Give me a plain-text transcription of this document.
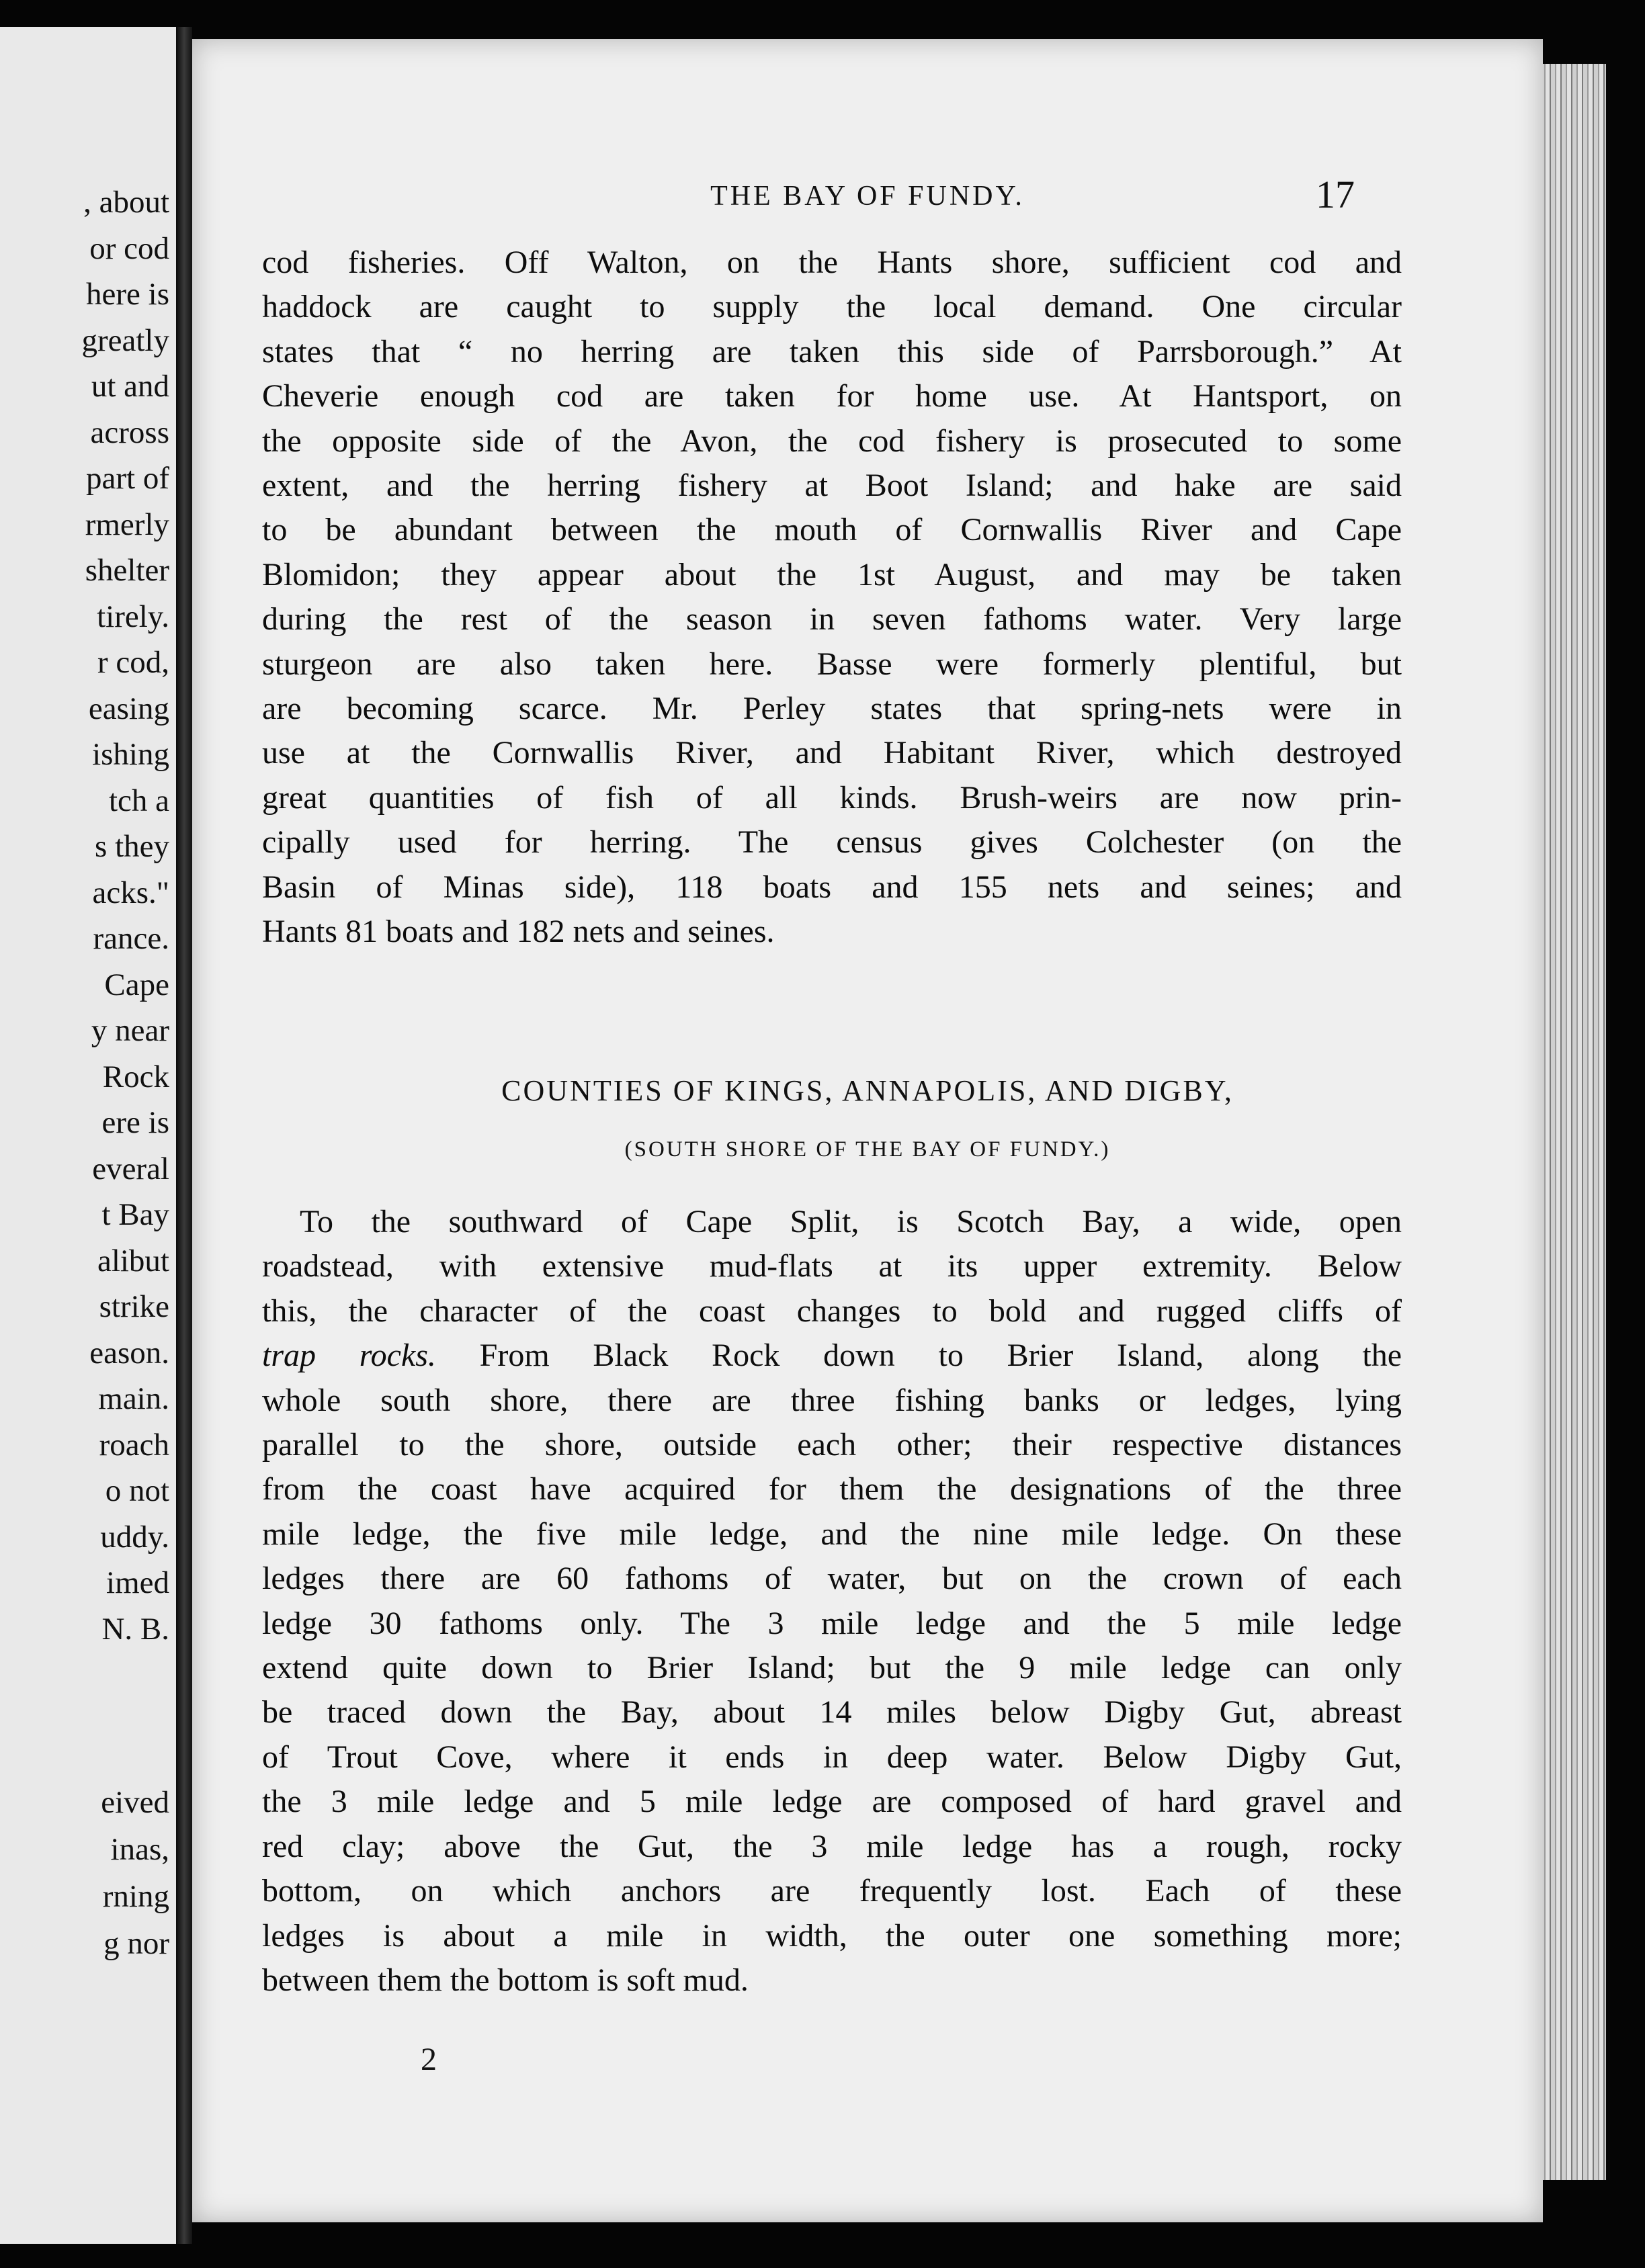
, about
or cod
here is
greatly
ut and
across
part of
rmerly
shelter
tirely.
r cod,
easing
ishing
tch a
s they
acks."
rance.
Cape
y near
Rock
ere is
everal
t Bay
alibut
strike
eason.
main.
roach
o not
uddy.
imed
N. B.
eived
inas,
rning
g nor
THE BAY OF FUNDY.	17
cod fisheries. Off Walton, on the Hants shore, sufficient cod and
haddock are caught to supply the local demand. One circular
states that “ no herring are taken this side of Parrsborough.” At
Cheverie enough cod are taken for home use. At Hantsport, on
the opposite side of the Avon, the cod fishery is prosecuted to some
extent, and the herring fishery at Boot Island; and hake are said
to be abundant between the mouth of Cornwallis River and Cape
Blomidon; they appear about the 1st August, and may be taken
during the rest of the season in seven fathoms water. Very large
sturgeon are also taken here. Basse were formerly plentiful, but
are becoming scarce. Mr. Perley states that spring-nets were in
use at the Cornwallis River, and Habitant River, which destroyed
great quantities of fish of all kinds. Brush-weirs are now prin-
cipally used for herring. The census gives Colchester (on the
Basin of Minas side), 118 boats and 155 nets and seines; and
Hants 81 boats and 182 nets and seines.
COUNTIES OF KINGS, ANNAPOLIS, AND DIGBY,
(SOUTH SHORE OF THE BAY OF FUNDY.)
To the southward of Cape Split, is Scotch Bay, a wide, open
roadstead, with extensive mud-flats at its upper extremity. Below
this, the character of the coast changes to bold and rugged cliffs of
trap rocks. From Black Rock down to Brier Island, along the
whole south shore, there are three fishing banks or ledges, lying
parallel to the shore, outside each other; their respective distances
from the coast have acquired for them the designations of the three
mile ledge, the five mile ledge, and the nine mile ledge. On these
ledges there are 60 fathoms of water, but on the crown of each
ledge 30 fathoms only. The 3 mile ledge and the 5 mile ledge
extend quite down to Brier Island; but the 9 mile ledge can only
be traced down the Bay, about 14 miles below Digby Gut, abreast
of Trout Cove, where it ends in deep water. Below Digby Gut,
the 3 mile ledge and 5 mile ledge are composed of hard gravel and
red clay; above the Gut, the 3 mile ledge has a rough, rocky
bottom, on which anchors are frequently lost. Each of these
ledges is about a mile in width, the outer one something more;
between them the bottom is soft mud.
2
